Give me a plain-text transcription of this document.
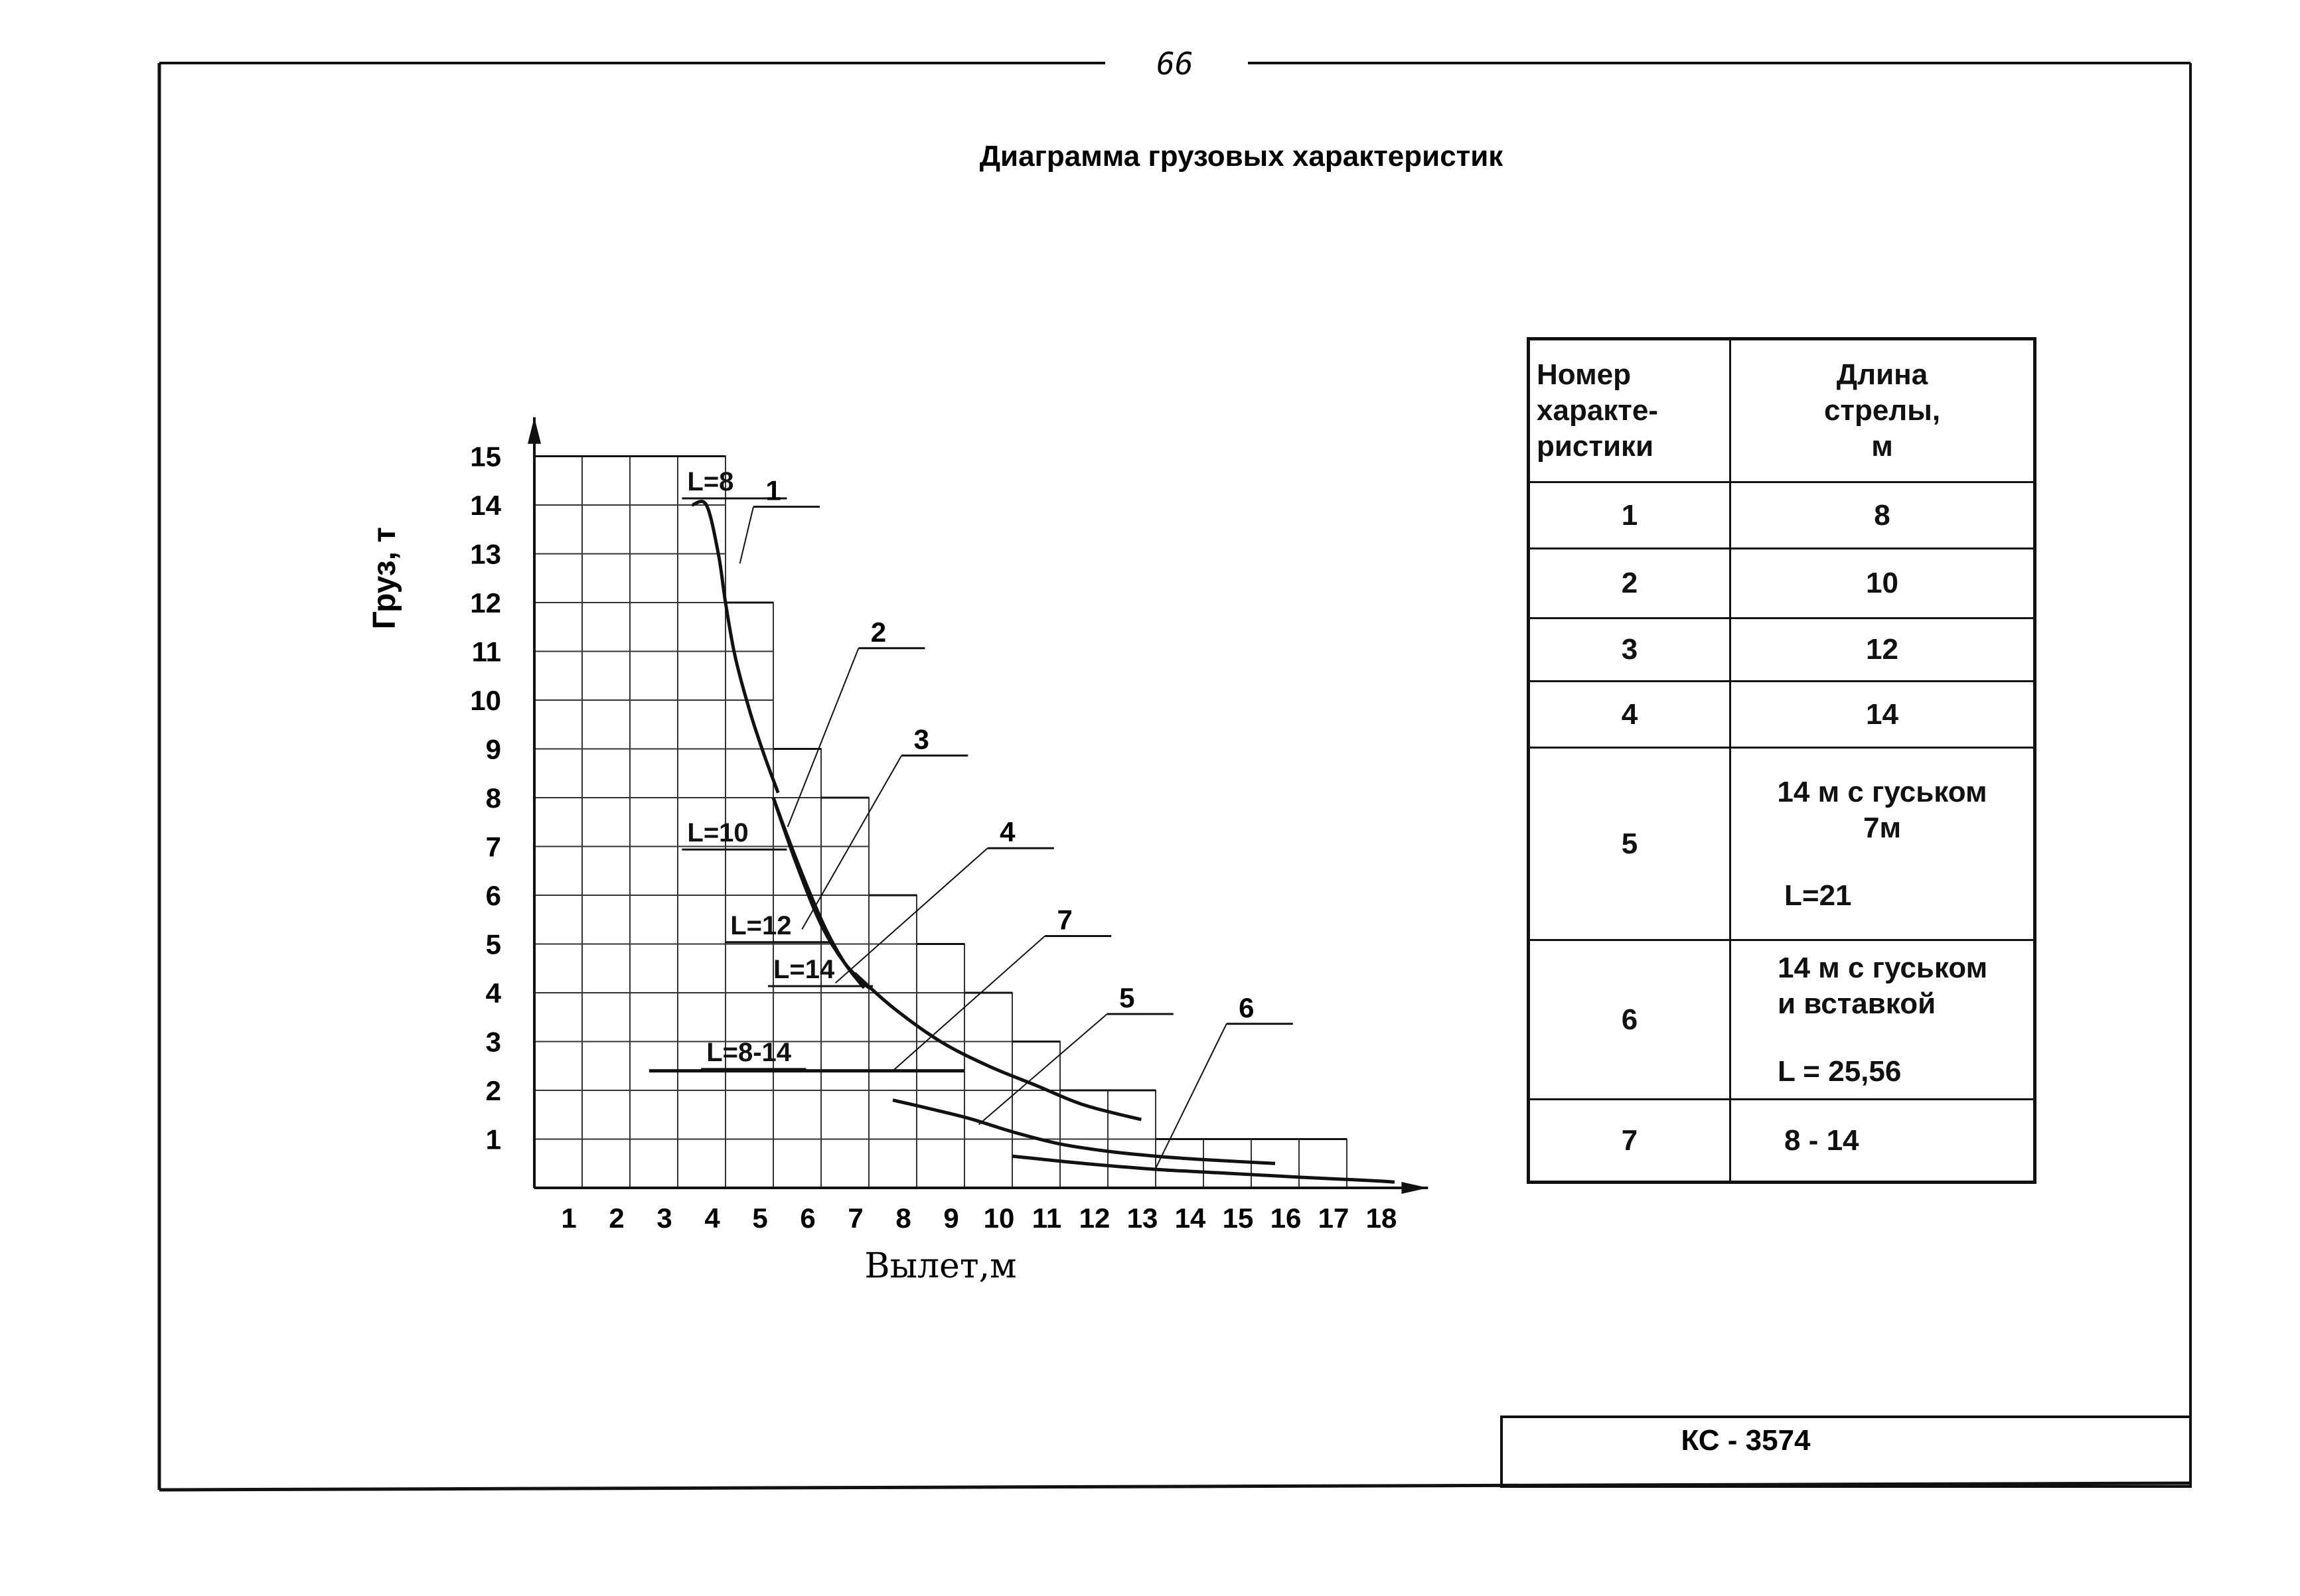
66
Диаграмма грузовых характеристик
КС - 3574
1
2
3
4
5
6
7
8
9
10
11
12
13
14
15
1 2 3 4 5 6 7 8 9 10 11 12 13 14 15 16 17 18
Вылет,м
Груз, т
L=8
L=10
L=12
L=14
L=8-14
1
2
3
4
5	6
7
Номер
характе-
ристики	Длина
стрелы,
м

1	8
2	10
3	12
4	14
5	14 м с гуськом
7м
L=21

6	14 м с гуськом
и вставкой
L = 25,56

7	8 - 14
